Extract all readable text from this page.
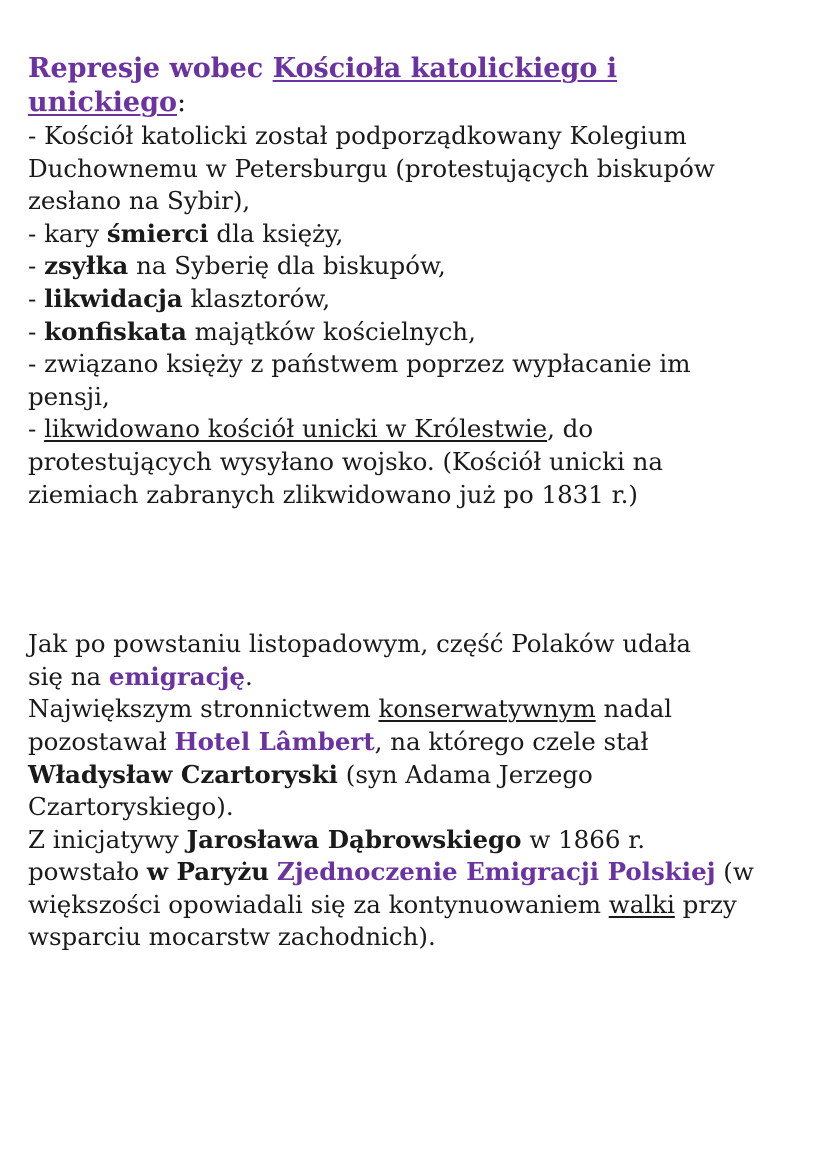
Represje wobec Kościoła katolickiego i
unickiego:
- Kościół katolicki został podporządkowany Kolegium
Duchownemu w Petersburgu (protestujących biskupów
zesłano na Sybir),
- kary śmierci dla księży,
- zsyłka na Syberię dla biskupów,
- likwidacja klasztorów,
- konfiskata majątków kościelnych,
- związano księży z państwem poprzez wypłacanie im
pensji,
- likwidowano kościół unicki w Królestwie, do
protestujących wysyłano wojsko. (Kościół unicki na
ziemiach zabranych zlikwidowano już po 1831 r.)
Jak po powstaniu listopadowym, część Polaków udała
się na emigrację.
Największym stronnictwem konserwatywnym nadal
pozostawał Hotel Lâmbert, na którego czele stał
Władysław Czartoryski (syn Adama Jerzego
Czartoryskiego).
Z inicjatywy Jarosława Dąbrowskiego w 1866 r.
powstało w Paryżu Zjednoczenie Emigracji Polskiej (w
większości opowiadali się za kontynuowaniem walki przy
wsparciu mocarstw zachodnich).
